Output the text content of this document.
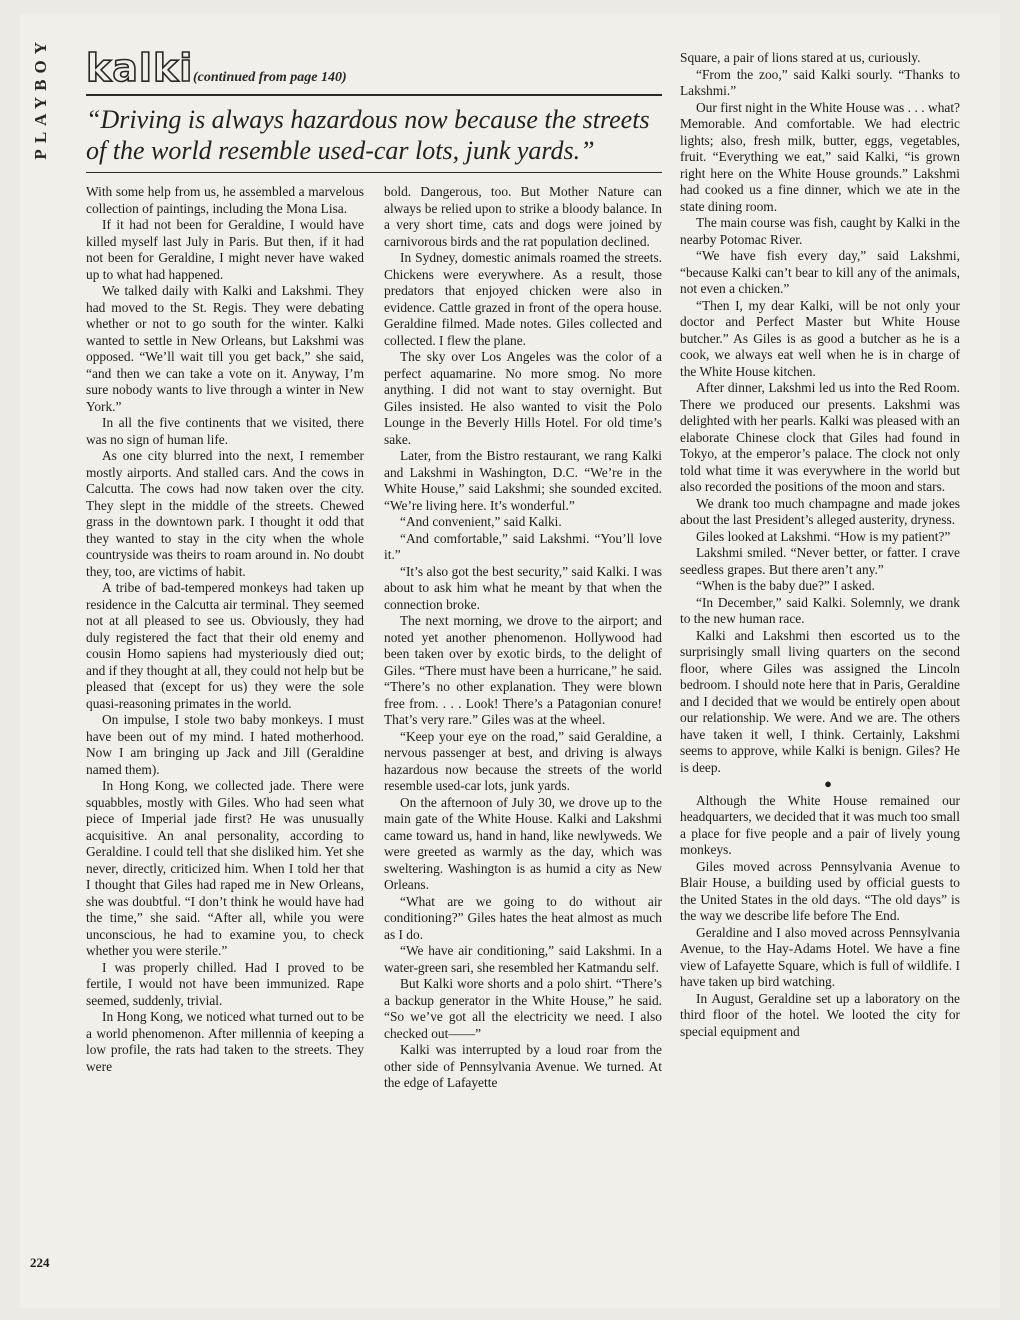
PLAYBOY kalki (continued from page 140)
“Driving is always hazardous now because the streets of the world resemble used-car lots, junk yards.”

With some help from us, he assembled a marvelous collection of paintings, including the Mona Lisa.

If it had not been for Geraldine, I would have killed myself last July in Paris. But then, if it had not been for Geraldine, I might never have waked up to what had happened.

We talked daily with Kalki and Lakshmi. They had moved to the St. Regis. They were debating whether or not to go south for the winter. Kalki wanted to settle in New Orleans, but Lakshmi was opposed. “We’ll wait till you get back,” she said, “and then we can take a vote on it. Anyway, I’m sure nobody wants to live through a winter in New York.”

In all the five continents that we visited, there was no sign of human life.

As one city blurred into the next, I remember mostly airports. And stalled cars. And the cows in Calcutta. The cows had now taken over the city. They slept in the middle of the streets. Chewed grass in the downtown park. I thought it odd that they wanted to stay in the city when the whole countryside was theirs to roam around in. No doubt they, too, are victims of habit.

A tribe of bad-tempered monkeys had taken up residence in the Calcutta air terminal. They seemed not at all pleased to see us. Obviously, they had duly registered the fact that their old enemy and cousin Homo sapiens had mysteriously died out; and if they thought at all, they could not help but be pleased that (except for us) they were the sole quasi-reasoning primates in the world.

On impulse, I stole two baby monkeys. I must have been out of my mind. I hated motherhood. Now I am bringing up Jack and Jill (Geraldine named them).

In Hong Kong, we collected jade. There were squabbles, mostly with Giles. Who had seen what piece of Imperial jade first? He was unusually acquisitive. An anal personality, according to Geraldine. I could tell that she disliked him. Yet she never, directly, criticized him. When I told her that I thought that Giles had raped me in New Orleans, she was doubtful. “I don’t think he would have had the time,” she said. “After all, while you were unconscious, he had to examine you, to check whether you were sterile.”

I was properly chilled. Had I proved to be fertile, I would not have been immunized. Rape seemed, suddenly, trivial.

In Hong Kong, we noticed what turned out to be a world phenomenon. After millennia of keeping a low profile, the rats had taken to the streets. They were

bold. Dangerous, too. But Mother Nature can always be relied upon to strike a bloody balance. In a very short time, cats and dogs were joined by carnivorous birds and the rat population declined.

In Sydney, domestic animals roamed the streets. Chickens were everywhere. As a result, those predators that enjoyed chicken were also in evidence. Cattle grazed in front of the opera house. Geraldine filmed. Made notes. Giles collected and collected. I flew the plane.

The sky over Los Angeles was the color of a perfect aquamarine. No more smog. No more anything. I did not want to stay overnight. But Giles insisted. He also wanted to visit the Polo Lounge in the Beverly Hills Hotel. For old time’s sake.

Later, from the Bistro restaurant, we rang Kalki and Lakshmi in Washington, D.C. “We’re in the White House,” said Lakshmi; she sounded excited. “We’re living here. It’s wonderful.”

“And convenient,” said Kalki.

“And comfortable,” said Lakshmi. “You’ll love it.”

“It’s also got the best security,” said Kalki. I was about to ask him what he meant by that when the connection broke.

The next morning, we drove to the airport; and noted yet another phenomenon. Hollywood had been taken over by exotic birds, to the delight of Giles. “There must have been a hurricane,” he said. “There’s no other explanation. They were blown free from. . . . Look! There’s a Patagonian conure! That’s very rare.” Giles was at the wheel.

“Keep your eye on the road,” said Geraldine, a nervous passenger at best, and driving is always hazardous now because the streets of the world resemble used-car lots, junk yards.

On the afternoon of July 30, we drove up to the main gate of the White House. Kalki and Lakshmi came toward us, hand in hand, like newlyweds. We were greeted as warmly as the day, which was sweltering. Washington is as humid a city as New Orleans.

“What are we going to do without air conditioning?” Giles hates the heat almost as much as I do.

“We have air conditioning,” said Lakshmi. In a water-green sari, she resembled her Katmandu self.

But Kalki wore shorts and a polo shirt. “There’s a backup generator in the White House,” he said. “So we’ve got all the electricity we need. I also checked out——”

Kalki was interrupted by a loud roar from the other side of Pennsylvania Avenue. We turned. At the edge of Lafayette

Square, a pair of lions stared at us, curiously.

“From the zoo,” said Kalki sourly. “Thanks to Lakshmi.”

Our first night in the White House was . . . what? Memorable. And comfortable. We had electric lights; also, fresh milk, butter, eggs, vegetables, fruit. “Everything we eat,” said Kalki, “is grown right here on the White House grounds.” Lakshmi had cooked us a fine dinner, which we ate in the state dining room.

The main course was fish, caught by Kalki in the nearby Potomac River.

“We have fish every day,” said Lakshmi, “because Kalki can’t bear to kill any of the animals, not even a chicken.”

“Then I, my dear Kalki, will be not only your doctor and Perfect Master but White House butcher.” As Giles is as good a butcher as he is a cook, we always eat well when he is in charge of the White House kitchen.

After dinner, Lakshmi led us into the Red Room. There we produced our presents. Lakshmi was delighted with her pearls. Kalki was pleased with an elaborate Chinese clock that Giles had found in Tokyo, at the emperor’s palace. The clock not only told what time it was everywhere in the world but also recorded the positions of the moon and stars.

We drank too much champagne and made jokes about the last President’s alleged austerity, dryness.

Giles looked at Lakshmi. “How is my patient?”

Lakshmi smiled. “Never better, or fatter. I crave seedless grapes. But there aren’t any.”

“When is the baby due?” I asked.

“In December,” said Kalki. Solemnly, we drank to the new human race.

Kalki and Lakshmi then escorted us to the surprisingly small living quarters on the second floor, where Giles was assigned the Lincoln bedroom. I should note here that in Paris, Geraldine and I decided that we would be entirely open about our relationship. We were. And we are. The others have taken it well, I think. Certainly, Lakshmi seems to approve, while Kalki is benign. Giles? He is deep.

●

Although the White House remained our headquarters, we decided that it was much too small a place for five people and a pair of lively young monkeys.

Giles moved across Pennsylvania Avenue to Blair House, a building used by official guests to the United States in the old days. “The old days” is the way we describe life before The End.

Geraldine and I also moved across Pennsylvania Avenue, to the Hay-Adams Hotel. We have a fine view of Lafayette Square, which is full of wildlife. I have taken up bird watching.

In August, Geraldine set up a laboratory on the third floor of the hotel. We looted the city for special equipment and

224
